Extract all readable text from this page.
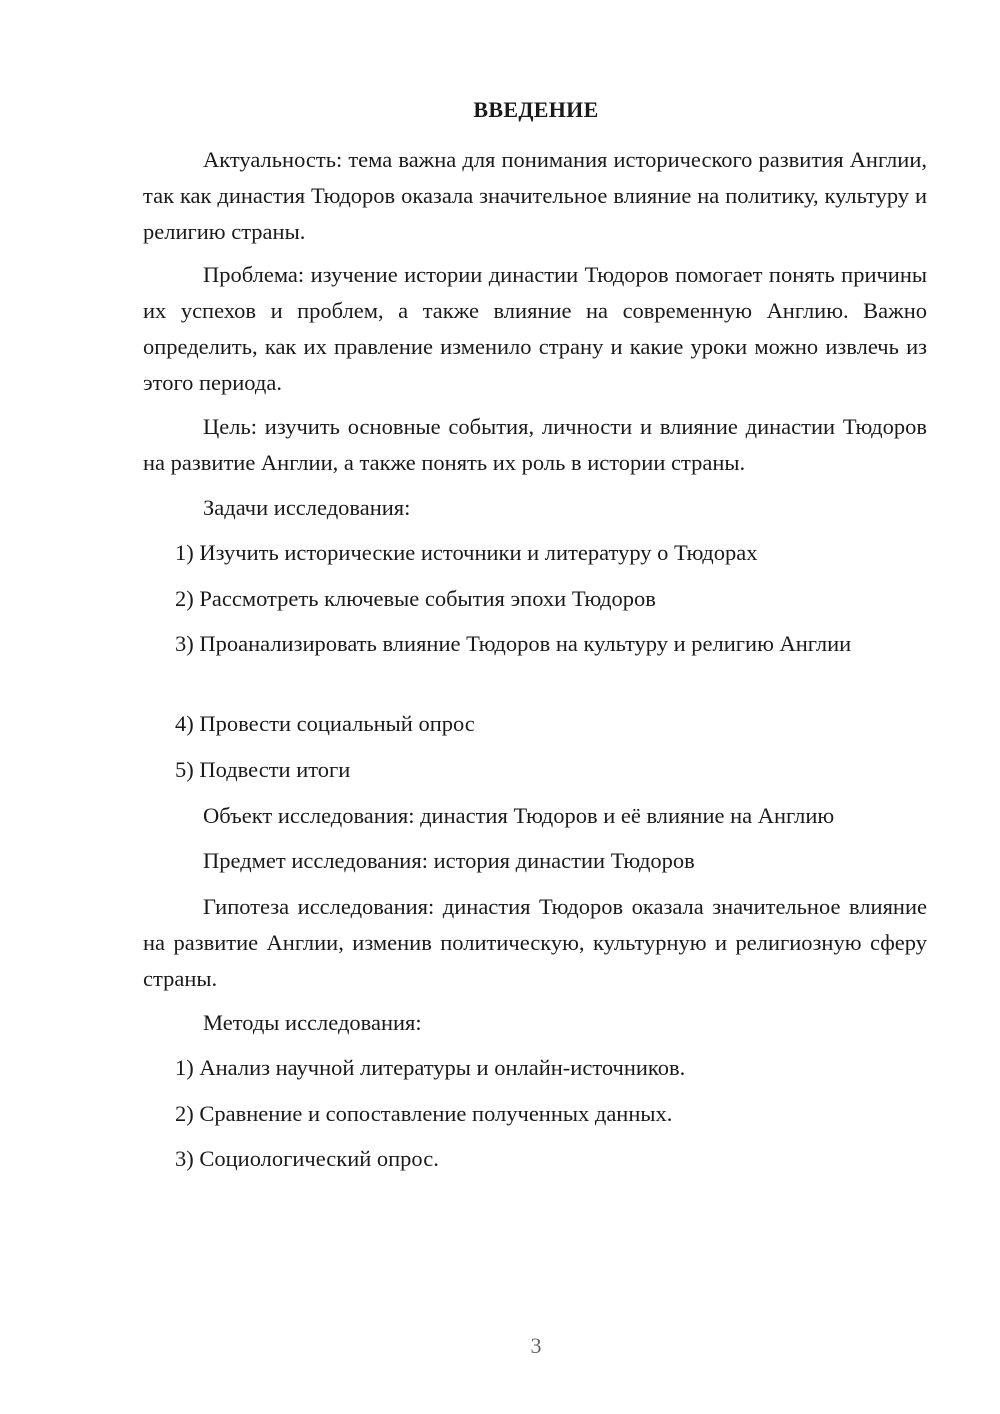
ВВЕДЕНИЕ

Актуальность: тема важна для понимания исторического развития Англии, так как династия Тюдоров оказала значительное влияние на политику, культуру и религию страны.

Проблема: изучение истории династии Тюдоров помогает понять причины их успехов и проблем, а также влияние на современную Англию. Важно определить, как их правление изменило страну и какие уроки можно извлечь из этого периода.

Цель: изучить основные события, личности и влияние династии Тюдоров на развитие Англии, а также понять их роль в истории страны.

Задачи исследования:

1) Изучить исторические источники и литературу о Тюдорах

2) Рассмотреть ключевые события эпохи Тюдоров

3) Проанализировать влияние Тюдоров на культуру и религию Англии

4) Провести социальный опрос

5) Подвести итоги

Объект исследования: династия Тюдоров и её влияние на Англию

Предмет исследования: история династии Тюдоров

Гипотеза исследования: династия Тюдоров оказала значительное влияние на развитие Англии, изменив политическую, культурную и религиозную сферу страны.

Методы исследования:

1) Анализ научной литературы и онлайн-источников.

2) Сравнение и сопоставление полученных данных.

3) Социологический опрос.

3
